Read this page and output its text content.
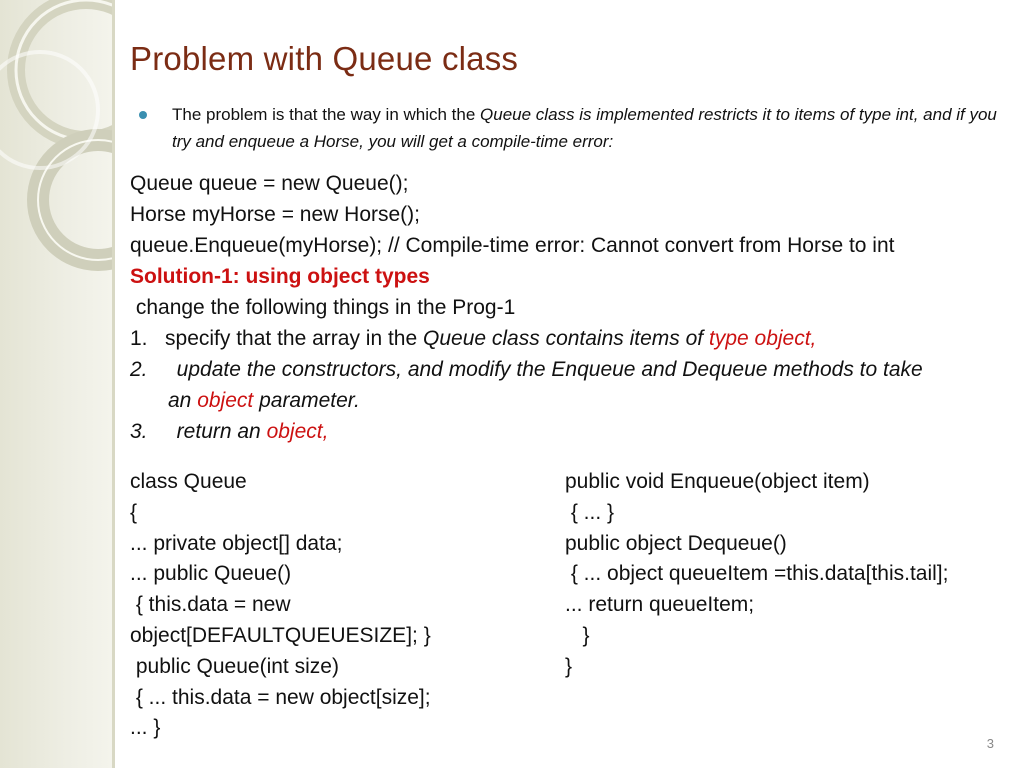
Problem with Queue class
The problem is that the way in which the Queue class is implemented restricts it to items of type int, and if you try and enqueue a Horse, you will get a compile-time error:
Queue queue = new Queue();
Horse myHorse = new Horse();
queue.Enqueue(myHorse); // Compile-time error: Cannot convert from Horse to int
Solution-1: using object types
change the following things in the Prog-1
1.   specify that the array in the Queue class contains items of type object,
2.     update the constructors, and modify the Enqueue and Dequeue methods to take
an object parameter.
3.     return an object,
class Queue
{
... private object[] data;
... public Queue()
{ this.data = new
object[DEFAULTQUEUESIZE]; }
public Queue(int size)
{ ... this.data = new object[size];
... }
public void Enqueue(object item)
{ ... }
public object Dequeue()
{ ... object queueItem =this.data[this.tail];
... return queueItem;
}
}
3
